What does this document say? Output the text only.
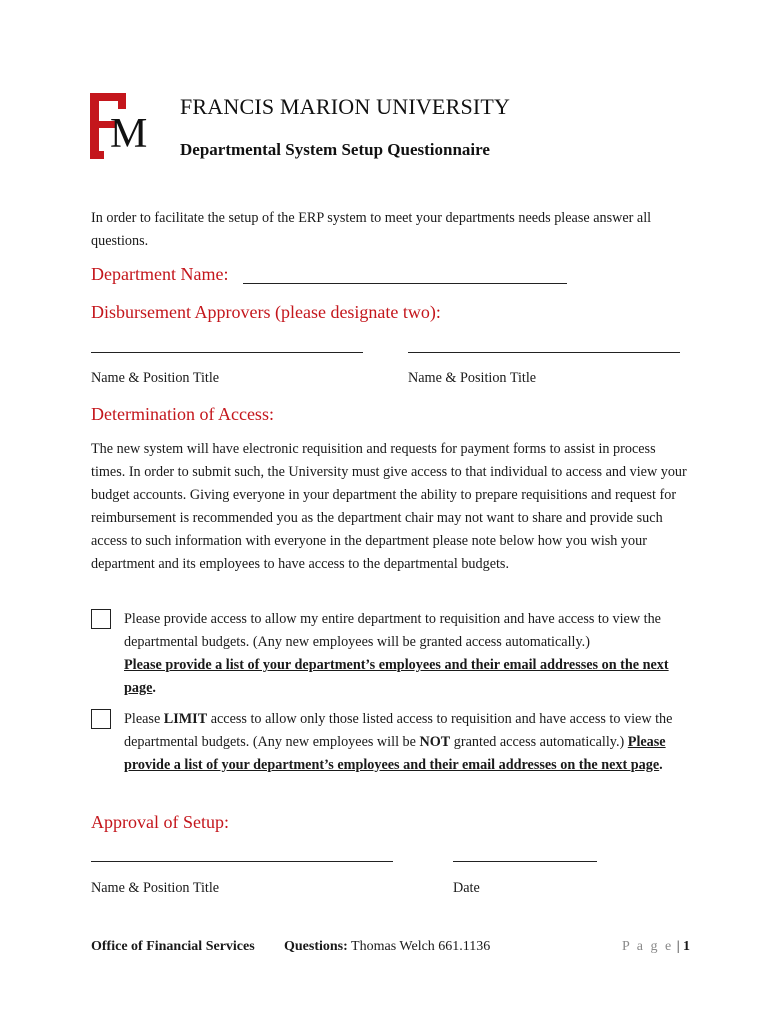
M
FRANCIS MARION UNIVERSITY
Departmental System Setup Questionnaire
In order to facilitate the setup of the ERP system to meet your departments needs please answer all questions.
Department Name:
Disbursement Approvers (please designate two):
Name & Position Title	Name & Position Title
Determination of Access:
The new system will have electronic requisition and requests for payment forms to assist in process times. In order to submit such, the University must give access to that individual to access and view your budget accounts. Giving everyone in your department the ability to prepare requisitions and request for reimbursement is recommended you as the department chair may not want to share and provide such access to such information with everyone in the department please note below how you wish your department and its employees to have access to the departmental budgets.
Please provide access to allow my entire department to requisition and have access to view the departmental budgets. (Any new employees will be granted access automatically.)
Please provide a list of your department’s employees and their email addresses on the next page.
Please LIMIT access to allow only those listed access to requisition and have access to view the departmental budgets. (Any new employees will be NOT granted access automatically.) Please provide a list of your department’s employees and their email addresses on the next page.
Approval of Setup:
Name & Position Title	Date
Office of Financial Services Questions: Thomas Welch 661.1136	P a g e | 1
